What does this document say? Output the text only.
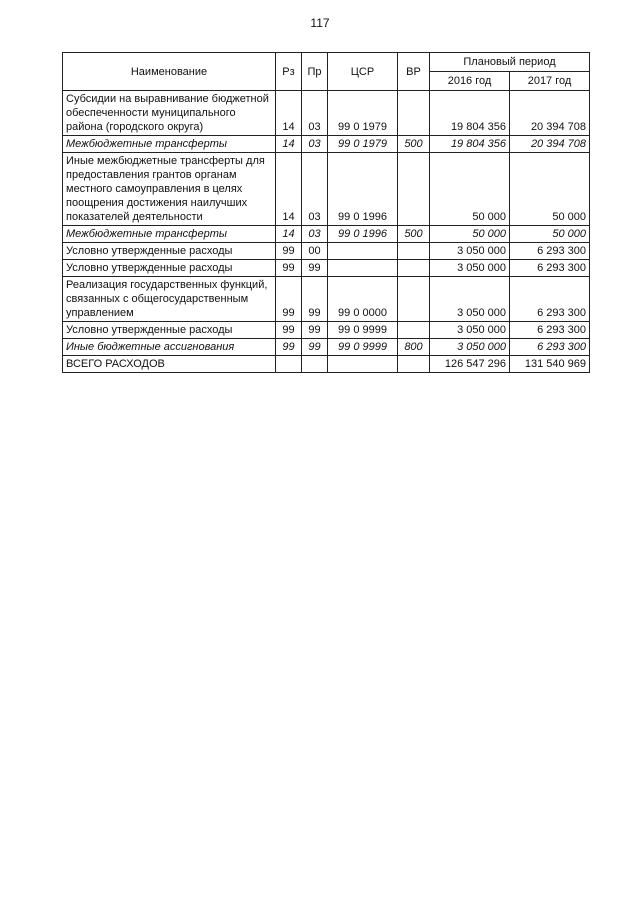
117
Наименование	Рз	Пр	ЦСР	ВР	Плановый период	
					2016 год	2017 год
Субсидии на выравнивание бюджетной обеспеченности муниципального района (городского округа)	14	03	99 0 1979		19 804 356	20 394 708
Межбюджетные трансферты	14	03	99 0 1979	500	19 804 356	20 394 708
Иные межбюджетные трансферты для предоставления грантов органам местного самоуправления в целях поощрения достижения наилучших показателей деятельности	14	03	99 0 1996		50 000	50 000
Межбюджетные трансферты	14	03	99 0 1996	500	50 000	50 000
Условно утвержденные расходы	99	00			3 050 000	6 293 300
Условно утвержденные расходы	99	99			3 050 000	6 293 300
Реализация государственных функций, связанных с общегосударственным управлением	99	99	99 0 0000		3 050 000	6 293 300
Условно утвержденные расходы	99	99	99 0 9999		3 050 000	6 293 300
Иные бюджетные ассигнования	99	99	99 0 9999	800	3 050 000	6 293 300
ВСЕГО РАСХОДОВ					126 547 296	131 540 969
